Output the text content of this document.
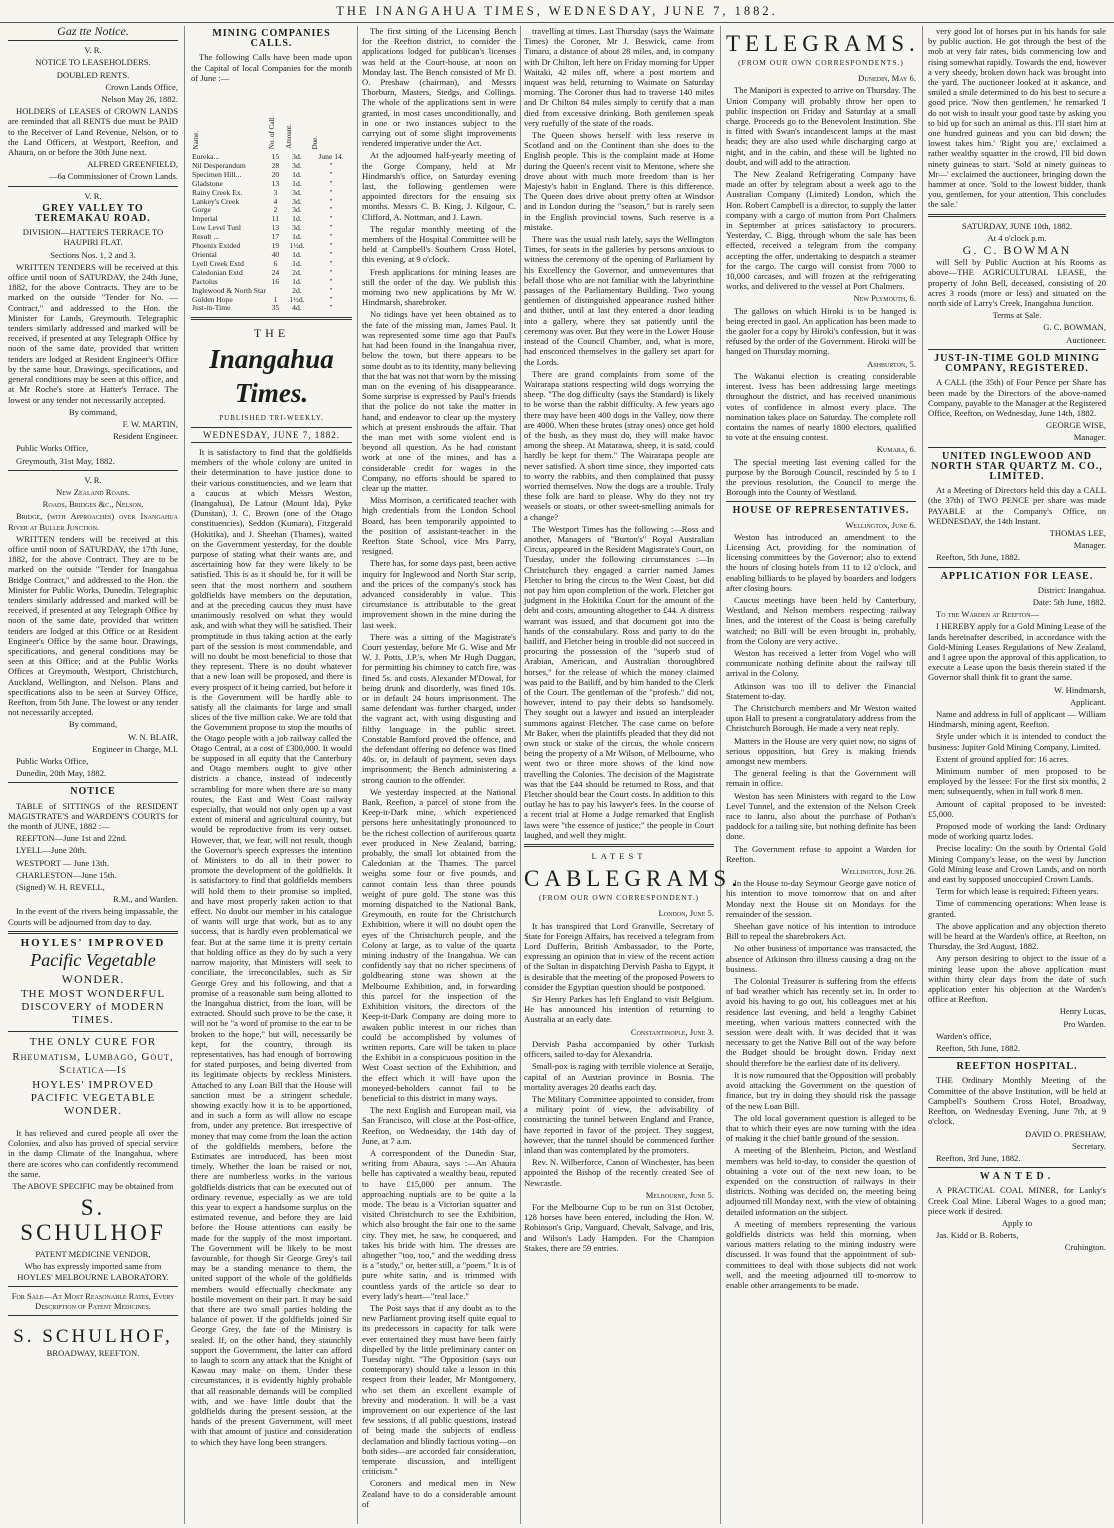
THE INANGAHUA TIMES, WEDNESDAY, JUNE 7, 1882.

Gaz tte Notice.

V. R.

NOTICE TO LEASEHOLDERS.

DOUBLED RENTS.

Crown Lands Office,

Nelson May 26, 1882.

HOLDERS of LEASES of CROWN LANDS are reminded that all RENTS due must be PAID to the Receiver of Land Revenue, Nelson, or to the Land Officers, at Westport, Reefton, and Ahaura, on or before the 30th June next.

ALFRED GREENFIELD,

—6a Commissioner of Crown Lands.

V. R.

GREY VALLEY TO TEREMAKAU ROAD.

DIVISION—HATTER'S TERRACE TO HAUPIRI FLAT.

Sections Nos. 1, 2 and 3.

WRITTEN TENDERS will be received at this office until noon of SATURDAY, the 24th June, 1882, for the above Contracts. They are to be marked on the outside "Tender for No. —Contract," and addressed to the Hon. the Minister for Lands, Greymouth. Telegraphic tenders similarly addressed and marked will be received, if presented at any Telegraph Office by noon of the same date, provided that written tenders are lodged at Resident Engineer's Office by the same hour. Drawings, specifications, and general conditions may be seen at this office, and at Mr Roche's store at Hatter's Terrace. The lowest or any tender not necessarily accepted.

By command,

F. W. MARTIN,

Resident Engineer.

Public Works Office,

Greymouth, 31st May, 1882.

V. R.

New Zealand Roads.

Roads, Bridges &c., Nelson.

Bridge, (with Approaches) over Inangahua River at Buller Junction.

WRITTEN tenders will be received at this office until noon of SATURDAY, the 17th June, 1882, for the above Contract. They are to be marked on the outside "Tender for Inangahua Bridge Contract," and addressed to the Hon. the Minister for Public Works, Dunedin. Telegraphic tenders similarly addressed and marked will be received, if presented at any Telegraph Office by noon of the same date, provided that written tenders are lodged at this Office or at Resident Engineer's Office by the same hour. Drawings, specifications, and general conditions may be seen at this Office; and at the Public Works Offices at Greymouth, Westport, Christchurch, Auckland, Wellington, and Nelson. Plans and specifications also to be seen at Survey Office, Reefton, from 5th June. The lowest or any tender not necessarily accepted.

By command,

W. N. BLAIR,

Engineer in Charge, M.I.

Public Works Office,

Dunedin, 20th May, 1882.

NOTICE

TABLE of SITTINGS of the RESIDENT MAGISTRATE'S and WARDEN'S COURTS for the month of JUNE, 1882 :—

REEFTON—June 1st and 22nd.

LYELL—June 20th.

WESTPORT — June 13th.

CHARLESTON—June 15th.

(Signed) W. H. REVELL,

R.M., and Warden.

In the event of the rivers being impassable, the Courts will be adjourned from day to day.

HOYLES' IMPROVED

Pacific Vegetable

WONDER.

THE MOST WONDERFUL DISCOVERY of MODERN TIMES.

THE ONLY CURE FOR

Rheumatism, Lumbago, Gout, Sciatica—Is

HOYLES' IMPROVED PACIFIC VEGETABLE WONDER.

It has relieved and cured people all over the Colonies, and also has proved of special service in the damp Climate of the Inangahua, where there are scores who can confidently recommend the same.

The ABOVE SPECIFIC may be obtained from

S. SCHULHOF

PATENT MEDICINE VENDOR,

Who has expressly imported same from HOYLES' MELBOURNE LABORATORY.

For Sale—At Most Reasonable Rates, Every Description of Patent Medicines.

S. SCHULHOF,

BROADWAY, REEFTON.

MINING COMPANIES CALLS.

The following Calls have been made upon the Capital of local Companies for the month of June :—

Name.	No. of Call.	Amount.	Due.
Eureka...	15	3d.	June 14.
Nil Desperandum	28	3d.	"
Specimen Hill...	20	1d.	"
Gladstone	13	1d.	"
Rainy Creek Ex.	3	3d.	"
Lankey's Creek	4	3d.	"
Gorge	2	3d.	"
Imperial	11	1d.	"
Low Level Tunl	13	3d.	"
Result ...	17	1d.	"
Phoenix Extded	19	1½d.	"
Oriental	40	1d.	"
Lyell Creek Extd	6	1d.	"
Caledonian Extd	24	2d.	"
Pactolus	16	1d.	"
Inglewood & North Star		2d.	"
Golden Hope	1	1½d.	"
Just-in-Time	35	4d.	"
THE
Inangahua Times.
PUBLISHED TRI-WEEKLY.
WEDNESDAY, JUNE 7, 1882.

It is satisfactory to find that the goldfields members of the whole colony are united in their determination to have justice done to their various constituencies, and we learn that a caucus at which Messrs Weston, (Inangahua), De Latour (Mount Ida), Pyke (Dunstan), J. C. Brown (one of the Otago constituencies), Seddon (Kumara), Fitzgerald (Hokitika), and J. Sheehan (Thames), waited on the Government yesterday, for the double purpose of stating what their wants are, and ascertaining how far they were likely to be satisfied. This is as it should be, for it will be seen that the most northern and southern goldfields have members on the deputation, and at the preceding caucus they must have unanimously resolved on what they would ask, and with what they will be satisfied. Their promptitude in thus taking action at the early part of the session is most commendable, and will no doubt be most beneficial to those that they represent. There is no doubt whatever that a new loan will be proposed, and there is every prospect of it being carried, but before it is the Government will be hardly able to satisfy all the claimants for large and small slices of the five million cake. We are told that the Government propose to stop the mouths of the Otago people with a job railway called the Otago Central, at a cost of £300,000. It would be supposed in all equity that the Canterbury and Otago members ought to give other districts a chance, instead of indecently scrambling for more when there are so many routes, the East and West Coast railway especially, that would not only open up a vast extent of mineral and agricultural country, but would be reproductive from its very outset. However, that, we fear, will not result, though the Governor's speech expresses the intention of Ministers to do all in their power to promote the development of the goldfields. It is satisfactory to find that goldfields members will hold them to their promise so implied, and have most properly taken action to that effect. No doubt our member in his catalogue of wants will urge that work, but as to any success, that is hardly even problematical we fear. But at the same time it is pretty certain that holding office as they do by such a very narrow majority, that Ministers will seek to conciliate, the irreconcilables, such as Sir George Grey and his following, and that a promise of a reasonable sum being allotted to the Inangahua district, from the loan, will be extracted. Should such prove to be the case, it will not be "a word of promise to the ear to be broken to the hope," but will, necessarily be kept, for the country, through its representatives, has had enough of borrowing for stated purposes, and being diverted from its legitimate objects by reckless Ministers. Attached to any Loan Bill that the House will sanction must be a stringent schedule, showing exactly how it is to be apportioned, and in such a form as will allow no escape from, under any pretence. But irrespective of money that may come from the loan the action of the goldfields members, before the Estimates are introduced, has been most timely. Whether the loan be raised or not, there are numberless works in the various goldfields districts that can be executed out of ordinary revenue, especially as we are told this year to expect a handsome surplus on the estimated revenue, and before they are laid before the House attentions can easily be made for the supply of the most important. The Government will be likely to be most favourable, for though Sir George Grey's tail may be a standing menance to them, the united support of the whole of the goldfields members would effectually checkmate any hostile movement on their part. It may be said that there are two small parties holding the balance of power. If the goldfields joined Sir George Grey, the fate of the Ministry is sealed. If, on the other hand, they staunchly support the Government, the latter can afford to laugh to scorn any attack that the Knight of Kawau may make on them. Under these circumstances, it is evidently highly probable that all reasonable demands will be complied with, and we have little doubt that the goldfields during the present session, at the hands of the present Government, will meet with that amount of justice and consideration to which they have long been strangers.

The first sitting of the Licensing Bench for the Reefton district, to consider the applications lodged for publican's licenses was held at the Court-house, at noon on Monday last. The Bench consisted of Mr D. O. Preshaw (chairman), and Messrs Thorburn, Masters, Stedgs, and Collings. The whole of the applications sent in were granted, in most cases unconditionally, and in one or two instances subject to the carrying out of some slight improvements rendered imperative under the Act.

At the adjourned half-yearly meeting of the Gorge Company, held at Mr Hindmarsh's office, on Saturday evening last, the following gentlemen were appointed directors for the ensuing six months. Messrs C. B. King, J. Kilgour, C. Clifford, A. Nottman, and J. Lawn.

The regular monthly meeting of the members of the Hospital Committee will be held at Campbell's Southern Cross Hotel, this evening, at 9 o'clock.

Fresh applications for mining leases are still the order of the day. We publish this morning two new applications by Mr W. Hindmarsh, sharebroker.

No tidings have yet been obtained as to the fate of the missing man, James Paul. It was represented some time ago that Paul's hat had been found in the Inangahua river, below the town, but there appears to be some doubt as to its identity, many believing that the hat was not that worn by the missing man on the evening of his disappearance. Some surprise is expressed by Paul's friends that the police do not take the matter in hand, and endeavor to clear up the mystery which at present enshrouds the affair. That the man met with some violent end is beyond all question. As he had constant work at one of the mines, and has a considerable credit for wages in the Company, no efforts should be spared to clear up the matter.

Miss Morrison, a certificated teacher with high credentials from the London School Board, has been temporarily appointed to the position of assistant-teacher in the Reefton State School, vice Mrs Parry, resigned.

There has, for some days past, been active inquiry for Inglewood and North Star scrip, and the prices of the company's stock has advanced considerably in value. This circumstance is attributable to the great improvement shown in the mine during the last week.

There was a sitting of the Magistrate's Court yesterday, before Mr G. Wise and Mr W. J. Potts, J.P.'s, when Mr Hugh Duggan, for permitting his chimney to catch fire, was fined 5s. and costs. Alexander M'Dowal, for being drunk and disorderly, was fined 10s. or in default 24 hours imprisonment. The same defendant was further charged, under the vagrant act, with using disgusting and filthy language in the public street. Constable Bamford proved the offence, and the defendant offering no defence was fined 40s. or, in default of payment, seven days imprisonment; the Bench administering a strong caution to the offender.

We yesterday inspected at the National Bank, Reefton, a parcel of stone from the Keep-it-Dark mine, which experienced persons here unhesitatingly pronounced to be the richest collection of auriferous quartz ever produced in New Zealand, barring, probably, the small lot obtained from the Caledonian at the Thames. The parcel weighs some four or five pounds, and cannot contain less than three pounds weight of pure gold. The stone was this morning dispatched to the National Bank, Greymouth, en route for the Christchurch Exhibition, where it will no doubt open the eyes of the Christchurch people, and the Colony at large, as to value of the quartz mining industry of the Inangahua. We can confidently say that no richer specimens of goldbearing stone was shown at the Melbourne Exhibition, and, in forwarding this parcel for the inspection of the Exhibition visitors, the directors of the Keep-it-Dark Company are doing more to awaken public interest in our riches than could be accomplished by volumes of written reports. Care will be taken to place the Exhibit in a conspicuous position in the West Coast section of the Exhibition, and the effect which it will have upon the moneyed-beholders cannot fail to be beneficial to this district in many ways.

The next English and European mail, via San Francisco, will close at the Post-office, Reefton, on Wednesday, the 14th day of June, at 7 a.m.

A correspondent of the Dunedin Star, writing from Ahaura, says :—An Ahaura belle has captivated a wealthy beau, reputed to have £15,000 per annum. The approaching nuptials are to be quite a la mode. The beau is a Victorian squatter and visited Christchurch to see the Exhibition, which also brought the fair one to the same city. They met, he saw, he conquered, and takes his bride with him. The dresses are altogether "too, too," and the wedding dress is a "study," or, better still, a "poem." It is of pure white satin, and is trimmed with countless yards of the article so dear to every lady's heart—"real lace."

The Post says that if any doubt as to the new Parliament proving itself quite equal to its predecessors in capacity for talk were ever entertained they must have been fairly dispelled by the little preliminary canter on Tuesday night. "The Opposition (says our contemporary) should take a lesson in this respect from their leader, Mr Montgomery, who set them an excellent example of brevity and moderation. It will be a vast improvement on our experience of the last few sessions, if all public questions, instead of being made the subjects of endless declamation and blindly factious voting—on both sides—are accorded fair consideration, temperate discussion, and intelligent criticism."

Coroners and medical men in New Zealand have to do a considerable amount of

travelling at times. Last Thursday (says the Waimate Times) the Coroner, Mr J. Beswick, came from Timaru, a distance of about 28 miles, and, in company with Dr Chilton, left here on Friday morning for Upper Waitaki, 42 miles off, where a post mortem and inquest was held, returning to Waimate on Saturday morning. The Coroner thus had to traverse 140 miles and Dr Chilton 84 miles simply to certify that a man died from excessive drinking. Both gentlemen speak very ruefully of the state of the roads.

The Queen shows herself with less reserve in Scotland and on the Continent than she does to the English people. This is the complaint made at Home during the Queen's recent visit to Mentone, where she drove about with much more freedom than is her Majesty's habit in England. There is this difference. The Queen does drive about pretty often at Windsor and in London during the "season," but is rarely seen in the English provincial towns. Such reserve is a mistake.

There was the usual rush lately, says the Wellington Times, for seats in the galleries by persons anxious to witness the ceremony of the opening of Parliament by his Excellency the Governor, and unmeventures that befall those who are not familiar with the labyrinthine passages of the Parliamentary Building. Two young gentlemen of distinguished appearance rushed hither and thither, until at last they entered a door leading into a gallery, where they sat patiently until the ceremony was over. But they were in the Lower House instead of the Council Chamber, and, what is more, had ensconced themselves in the gallery set apart for the Lords.

There are grand complaints from some of the Wairarapa stations respecting wild dogs worrying the sheep. "The dog difficulty (says the Standard) is likely to be worse than the rabbit difficulty. A few years ago there may have been 400 dogs in the Valley, now there are 4000. When these brutes (stray ones) once get hold of the bush, as they must do, they will make havoc among the sheep. At Matarawa, sheep, it is said, could hardly be kept for them." The Wairarapa people are never satisfied. A short time since, they imported cats to worry the rabbits, and then complained that pussy worried themselves. Now the dogs are a trouble. Truly these folk are hard to please. Why do they not try weasels or stoats, or other sweet-smelling animals for a change?

The Westport Times has the following :—Ross and another, Managers of "Burton's" Royal Australian Circus, appeared in the Resident Magistrate's Court, on Tuesday, under the following circumstances :—In Christchurch they engaged a carrier named James Fletcher to bring the circus to the West Coast, but did not pay him upon completion of the work. Fletcher got judgment in the Hokitika Court for the amount of the debt and costs, amounting altogether to £44. A distress warrant was issued, and that document got into the hands of the constabulary. Ross and party to do the bailiff, and Fletcher being in trouble did not succeed in procuring the possession of the "superb stud of Arabian, American, and Australian thoroughbred horses," for the release of which the money claimed was paid to the Bailiff, and by him handed to the Clerk of the Court. The gentleman of the "profesh." did not, however, intend to pay their debts so handsomely. They sought out a lawyer and issued an interpleader summons against Fletcher. The case came on before Mr Baker, when the plaintiffs pleaded that they did not own stock or stake of the circus, the whole concern being the property of a Mr Wilson, of Melbourne, who went two or three more shows of the kind now travelling the Colonies. The decision of the Magistrate was that the £44 should be returned to Ross, and that Fletcher should bear the Court costs. In addition to this outlay he has to pay his lawyer's fees. In the course of a recent trial at Home a Judge remarked that English laws were "the essence of justice;" the people in Court laughed, and well they might.

LATEST

CABLEGRAMS.

(FROM OUR OWN CORRESPONDENT.)

London, June 5.

It has transpired that Lord Granville, Secretary of State for Foreign Affairs, has received a telegram from Lord Dufferin, British Ambassador, to the Porte, expressing an opinion that in view of the recent action of the Sultan in dispatching Dervish Pasha to Egypt, it is desirable that the meeting of the proposed Powers to consider the Egyptian question should be postponed.

Sir Henry Parkes has left England to visit Belgium. He has announced his intention of returning to Australia at an early date.

Constantinople, June 3.

Dervish Pasha accompanied by other Turkish officers, sailed to-day for Alexandria.

Small-pox is raging with terrible violence at Seraijo, capital of an Austrian province in Bosnia. The mortality averages 20 deaths each day.

The Military Committee appointed to consider, from a military point of view, the advisability of constructing the tunnel between England and France, have reported in favor of the project. They suggest, however, that the tunnel should be commenced further inland than was contemplated by the promoters.

Rev. N. Wilberforce, Canon of Winchester, has been appointed the Bishop of the recently created See of Newcastle.

Melbourne, June 5.

For the Melbourne Cup to be run on 31st October, 128 horses have been entered, including the Hon. W. Robinson's Grip, Vanguard, Chevalt, Salvage, and Iris, and Wilson's Lady Hampden. For the Champion Stakes, there are 59 entries.

TELEGRAMS.

(FROM OUR OWN CORRESPONDENTS.)

Dunedin, May 6.

The Manipori is expected to arrive on Thursday. The Union Company will probably throw her open to public inspection on Friday and Saturday at a small charge. Proceeds go to the Benevolent Institution. She is fitted with Swan's incandescent lamps at the mast heads; they are also used while discharging cargo at night, and in the cabin, and these will be lighted no doubt, and will add to the attraction.

The New Zealand Refrigerating Company have made an offer by telegram about a week ago to the Australian Company (Limited) London, which the Hon. Robert Campbell is a director, to supply the latter company with a cargo of mutton from Port Chalmers in September at prices satisfactory to procurers. Yesterday, C. Bigg, through whom the sale has been effected, received a telegram from the company accepting the offer, undertaking to despatch a steamer for the cargo. The cargo will consist from 7000 to 10,000 carcases, and will frozen at the refrigerating works, and delivered to the vessel at Port Chalmers.

New Plymouth, 6.

The gallows on which Hiroki is to be hanged is being erected in gaol. An application has been made to the gaoler for a copy by Hiroki's confession, but it was refused by the order of the Government. Hiroki will be hanged on Thursday morning.

Ashburton, 5.

The Wakanui election is creating considerable interest. Ivess has been addressing large meetings throughout the district, and has received unanimous votes of confidence in almost every place. The nomination takes place on Saturday. The complete roll contains the names of nearly 1800 electors, qualified to vote at the ensuing contest.

Kumara, 6.

The special meeting last evening called for the purpose by the Borough Council, rescinded by 5 to 1 the previous resolution, the Council to merge the Borough into the County of Westland.

HOUSE OF REPRESENTATIVES.

Wellington, June 6.

Weston has introduced an amendment to the Licensing Act, providing for the nomination of licensing committees by the Governor; also to extend the hours of closing hotels from 11 to 12 o'clock, and enabling billiards to be played by boarders and lodgers after closing hours.

Caucus meetings have been held by Canterbury, Westland, and Nelson members respecting railway lines, and the interest of the Coast is being carefully watched; no Bill will be even brought in, probably, from the Colony are very active.

Weston has received a letter from Vogel who will communicate nothing definite about the railway till arrival in the Colony.

Atkinson was too ill to deliver the Financial Statement to-day.

The Christchurch members and Mr Weston waited upon Hall to present a congratulatory address from the Christchurch Borough. He made a very neat reply.

Matters in the House are very quiet now, no signs of serious opposition, but Grey is making friends amongst new members.

The general feeling is that the Government will remain in office.

Weston has seen Ministers with regard to the Low Level Tunnel, and the extension of the Nelson Creek race to Ianru, also about the purchase of Pothan's paddock for a tailing site, but nothing definite has been done.

The Government refuse to appoint a Warden for Reefton.

Wellington, June 26.

In the House to-day Seymour George gave notice of his intention to move tomorrow that on and after Monday next the House sit on Mondays for the remainder of the session.

Sheehan gave notice of his intention to introduce Bill to repeal the sharebrokers Act.

No other business of importance was transacted, the absence of Atkinson thro illness causing a drag on the business.

The Colonial Treasurer is suffering from the effects of bad weather which has recently set in. In order to avoid his having to go out, his colleagues met at his residence last evening, and held a lengthy Cabinet meeting, when various matters connected with the session were dealt with. It was decided that it was necessary to get the Native Bill out of the way before the Budget should be brought down. Friday next should therefore be the earliest date of its delivery.

It is now rumoured that the Opposition will probably avoid attacking the Government on the question of finance, but try in doing they should risk the passage of the new Loan Bill.

The old local government question is alleged to be that to which their eyes are now turning with the idea of making it the chief battle ground of the session.

A meeting of the Blenheim, Picton, and Westland members was held to-day, to consider the question of obtaining a vote out of the next new loan, to be expended on the construction of railways in their districts. Nothing was decided on, the meeting being adjourned till Monday next, with the view of obtaining detailed information on the subject.

A meeting of members representing the various goldfields districts was held this morning, when various matters relating to the mining industry were discussed. It was found that the appointment of sub-committees to deal with those subjects did not work well, and the meeting adjourned till to-morrow to enable other arrangements to be made.

very good lot of horses put in his hands for sale by public auction. He got through the best of the mob at very fair rates, bids commencing low and rising somewhat rapidly. Towards the end, however a very sheedy, broken down hack was brought into the yard. The auctioneer looked at it askance, and smiled a smile determined to do his best to secure a good price. 'Now then gentlemen,' he remarked 'I do not wish to insult your good taste by asking you to bid up for such an animal as this. I'll start him at one hundred guineas and you can bid down; the lowest takes him.' 'Right you are,' exclaimed a rather wealthy squatter in the crowd, I'll bid down ninety guineas to start. 'Sold at ninety guineas to Mr—' exclaimed the auctioneer, bringing down the hammer at once. 'Sold to the lowest bidder, thank you, gentlemen, for your attention. This concludes the sale.'

SATURDAY, JUNE 10th, 1882.

At 4 o'clock p.m.

G. C. BOWMAN

will Sell by Public Auction at his Rooms as above—THE AGRICULTURAL LEASE, the property of John Bell, deceased, consisting of 20 acres 3 roods (more or less) and situated on the north side of Larry's Creek, Inangahua Junction.

Terms at Sale.

G. C. BOWMAN,

Auctioneer.

JUST-IN-TIME GOLD MINING COMPANY, REGISTERED.

A CALL (the 35th) of Four Pence per Share has been made by the Directors of the above-named Company, payable to the Manager at the Registered Office, Reefton, on Wednesday, June 14th, 1882.

GEORGE WISE,

Manager.

UNITED INGLEWOOD AND NORTH STAR QUARTZ M. CO., LIMITED.

At a Meeting of Directors held this day a CALL (the 37th) of TWO PENCE per share was made PAYABLE at the Company's Office, on WEDNESDAY, the 14th Instant.

THOMAS LEE,

Manager.

Reefton, 5th June, 1882.

APPLICATION FOR LEASE.

District: Inangahua.

Date: 5th June, 1882.

To the Warden at Reefton—

I HEREBY apply for a Gold Mining Lease of the lands hereinafter described, in accordance with the Gold-Mining Leases Regulations of New Zealand, and I agree upon the approval of this application, to execute a Lease upon the basis therein stated if the Governor shall think fit to grant the same.

W. Hindmarsh,

Applicant.

Name and address in full of applicant — William Hindmarsh, mining agent, Reefton.

Style under which it is intended to conduct the business: Jupiter Gold Mining Company, Limited.

Extent of ground applied for: 16 acres.

Minimum number of men proposed to be employed by the lessee: For the first six months, 2 men; subsequently, when in full work 8 men.

Amount of capital proposed to be invested: £5,000.

Proposed mode of working the land: Ordinary mode of working quartz lodes.

Precise locality: On the south by Oriental Gold Mining Company's lease, on the west by Junction Gold Mining lease and Crown Lands, and on north and east by supposed unoccupied Crown Lands.

Term for which lease is required: Fifteen years.

Time of commencing operations: When lease is granted.

The above application and any objection thereto will be heard at the Warden's office, at Reefton, on Thursday, the 3rd August, 1882.

Any person desiring to object to the issue of a mining lease upon the above application must within thirty clear days from the date of such application enter his objection at the Warden's office at Reefton.

Henry Lucas,

Pro Warden.

Warden's office,

Reefton, 5th June, 1882.

REEFTON HOSPITAL.

THE Ordinary Monthly Meeting of the Committee of the above Institution, will be held at Campbell's Southern Cross Hotel, Broadway, Reefton, on Wednesday Evening, June 7th, at 9 o'clock.

DAVID O. PRESHAW,

Secretary.

Reefton, 3rd June, 1882.

WANTED.

A PRACTICAL COAL MINER, for Lanky's Creek Coal Mine. Liberal Wages to a good man; piece work if desired.

Apply to

Jas. Kidd or B. Roberts,

Cruhington.
